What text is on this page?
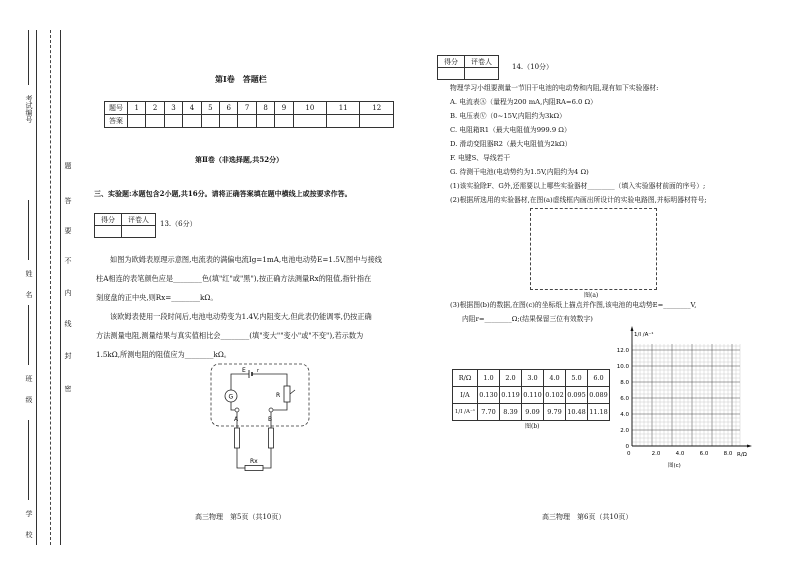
考试编号
姓名
班级
学校
题
答
要
不
内
线
封
密
第Ⅰ卷　答题栏
题号	1	2	3	4	5	6	7	8	9	10	11	12
答案												
第Ⅱ卷（非选择题,共52分）
三、实验题:本题包含2小题,共16分。请将正确答案填在题中横线上或按要求作答。
得分	评卷人

13.（6分）
如图为欧姆表原理示意图,电流表的满偏电流Ig=1mA,电池电动势E=1.5V,图中与接线
柱A相连的表笔颜色应是________色(填"红"或"黑"),按正确方法测量Rx的阻值,指针指在
刻度盘的正中央,则Rx=________kΩ。
该欧姆表使用一段时间后,电池电动势变为1.4V,内阻变大,但此表仍能调零,仍按正确
方法测量电阻,测量结果与真实值相比会________(填"变大""变小"或"不变"),若示数为
1.5kΩ,所测电阻的阻值应为________kΩ。
E r
G	R
A	B
Rx
高三物理　第5页（共10页）
得分	评卷人

14.（10分）
物理学习小组要测量一节旧干电池的电动势和内阻,现有如下实验器材:
A. 电流表Ⓐ（量程为200 mA,内阻RA=6.0 Ω）
B. 电压表Ⓥ（0~15V,内阻约为3kΩ）
C. 电阻箱R1（最大电阻值为999.9 Ω）
D. 滑动变阻器R2（最大电阻值为2kΩ）
F. 电键S、导线若干
G. 待测干电池(电动势约为1.5V,内阻约为4 Ω)
(1)该实验除F、G外,还需要以上哪些实验器材________（填入实验器材前面的序号）;
(2)根据所选用的实验器材,在图(a)虚线框内画出所设计的实验电路图,并标明器材符号;
图(a)
(3)根据图(b)的数据,在图(c)的坐标纸上描点并作图,该电池的电动势E=________V,
内阻r=________Ω;(结果保留三位有效数字)
R/Ω	1.0	2.0	3.0	4.0	5.0	6.0
I/A	0.130	0.119	0.110	0.102	0.095	0.089
1/I /A⁻¹	7.70	8.39	9.09	9.79	10.48	11.18
图(b)
1/I /A⁻¹
R/Ω
0
2.0
4.0
6.0
8.0
10.0
12.0
0	2.0	4.0	6.0	8.0
图(c)
高三物理　第6页（共10页）
